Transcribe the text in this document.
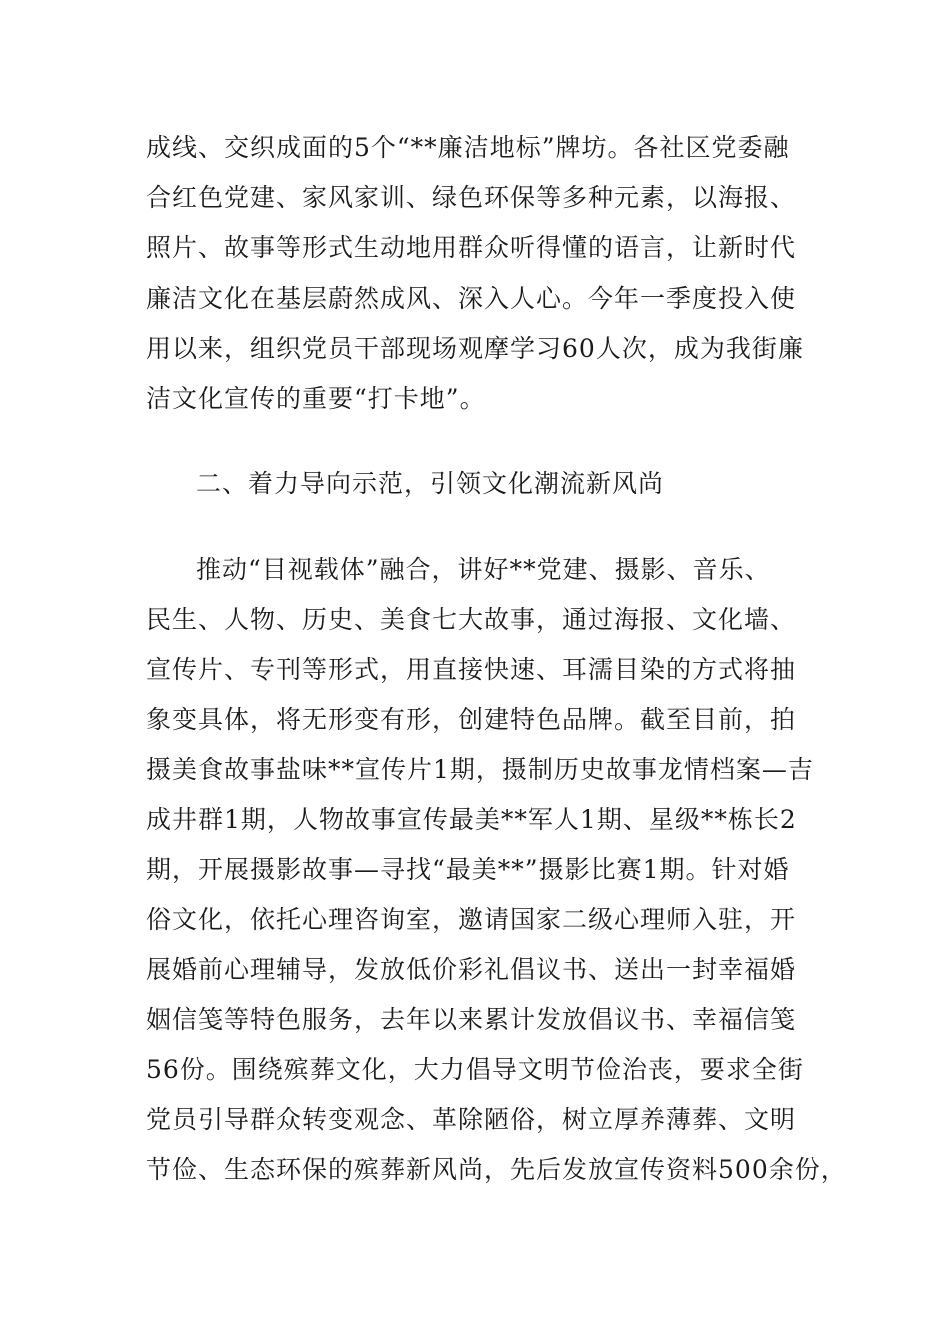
成线、交织成面的5个“**廉洁地标”牌坊。各社区党委融
合红色党建、家风家训、绿色环保等多种元素，以海报、
照片、故事等形式生动地用群众听得懂的语言，让新时代
廉洁文化在基层蔚然成风、深入人心。今年一季度投入使
用以来，组织党员干部现场观摩学习60人次，成为我街廉
洁文化宣传的重要“打卡地”。
二、着力导向示范，引领文化潮流新风尚
推动“目视载体”融合，讲好**党建、摄影、音乐、
民生、人物、历史、美食七大故事，通过海报、文化墙、
宣传片、专刊等形式，用直接快速、耳濡目染的方式将抽
象变具体，将无形变有形，创建特色品牌。截至目前，拍
摄美食故事盐味**宣传片1期，摄制历史故事龙情档案—吉
成井群1期，人物故事宣传最美**军人1期、星级**栋长2
期，开展摄影故事—寻找“最美**”摄影比赛1期。针对婚
俗文化，依托心理咨询室，邀请国家二级心理师入驻，开
展婚前心理辅导，发放低价彩礼倡议书、送出一封幸福婚
姻信笺等特色服务，去年以来累计发放倡议书、幸福信笺
56份。围绕殡葬文化，大力倡导文明节俭治丧，要求全街
党员引导群众转变观念、革除陋俗，树立厚养薄葬、文明
节俭、生态环保的殡葬新风尚，先后发放宣传资料500余份，
